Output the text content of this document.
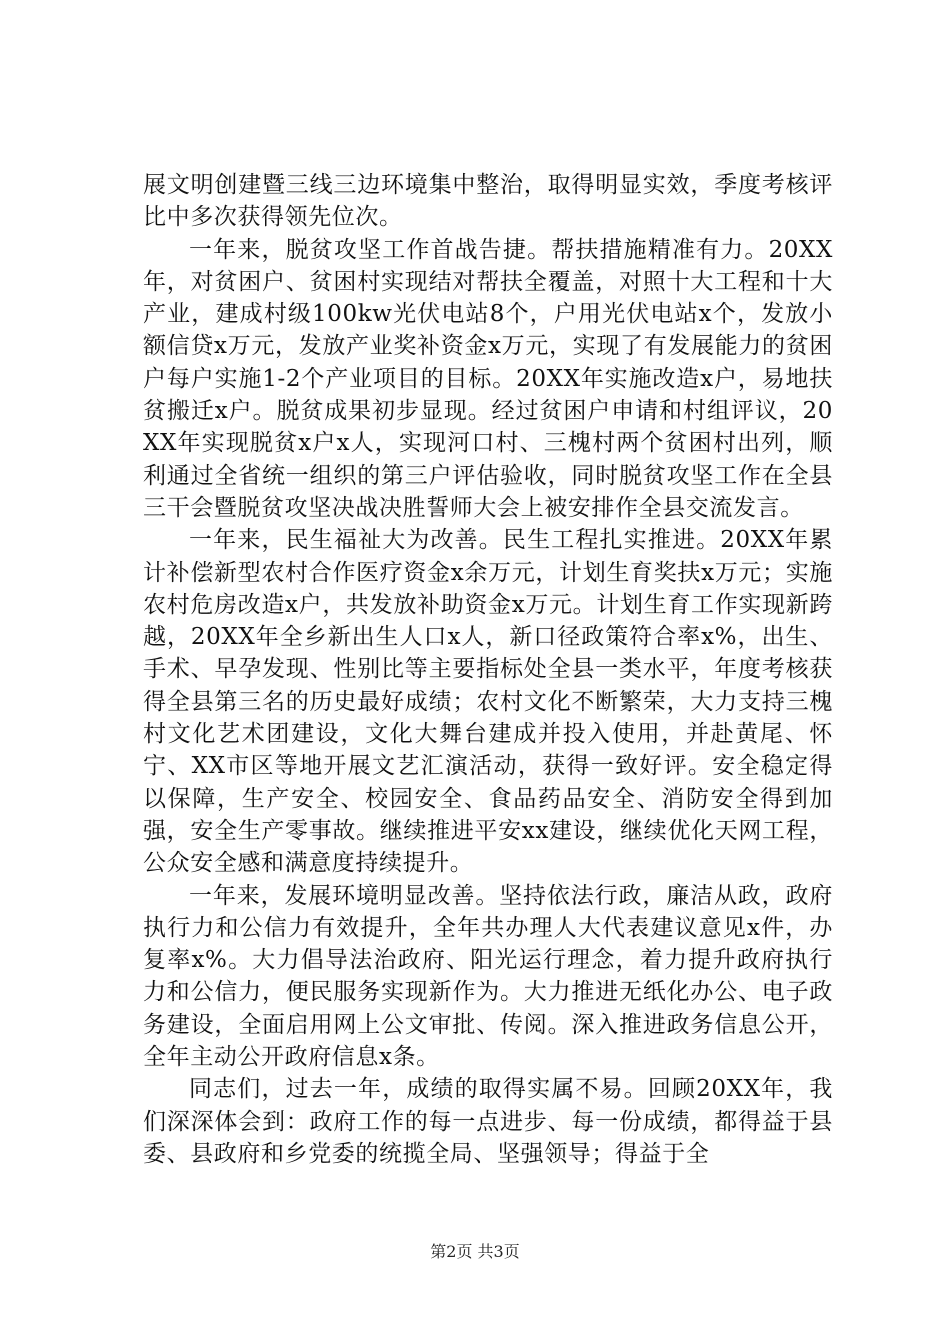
展文明创建暨三线三边环境集中整治，取得明显实效，季度考核评比中多次获得领先位次。

一年来，脱贫攻坚工作首战告捷。帮扶措施精准有力。20XX年，对贫困户、贫困村实现结对帮扶全覆盖，对照十大工程和十大产业，建成村级100kw光伏电站8个，户用光伏电站x个，发放小额信贷x万元，发放产业奖补资金x万元，实现了有发展能力的贫困户每户实施1-2个产业项目的目标。20XX年实施改造x户，易地扶贫搬迁x户。脱贫成果初步显现。经过贫困户申请和村组评议，20XX年实现脱贫x户x人，实现河口村、三槐村两个贫困村出列，顺利通过全省统一组织的第三户评估验收，同时脱贫攻坚工作在全县三干会暨脱贫攻坚决战决胜誓师大会上被安排作全县交流发言。

一年来，民生福祉大为改善。民生工程扎实推进。20XX年累计补偿新型农村合作医疗资金x余万元，计划生育奖扶x万元；实施农村危房改造x户，共发放补助资金x万元。计划生育工作实现新跨越，20XX年全乡新出生人口x人，新口径政策符合率x%，出生、手术、早孕发现、性别比等主要指标处全县一类水平，年度考核获得全县第三名的历史最好成绩；农村文化不断繁荣，大力支持三槐村文化艺术团建设，文化大舞台建成并投入使用，并赴黄尾、怀宁、XX市区等地开展文艺汇演活动，获得一致好评。安全稳定得以保障，生产安全、校园安全、食品药品安全、消防安全得到加强，安全生产零事故。继续推进平安xx建设，继续优化天网工程，公众安全感和满意度持续提升。

一年来，发展环境明显改善。坚持依法行政，廉洁从政，政府执行力和公信力有效提升，全年共办理人大代表建议意见x件，办复率x%。大力倡导法治政府、阳光运行理念，着力提升政府执行力和公信力，便民服务实现新作为。大力推进无纸化办公、电子政务建设，全面启用网上公文审批、传阅。深入推进政务信息公开，全年主动公开政府信息x条。

同志们，过去一年，成绩的取得实属不易。回顾20XX年，我们深深体会到：政府工作的每一点进步、每一份成绩，都得益于县委、县政府和乡党委的统揽全局、坚强领导；得益于全

第2页 共3页
